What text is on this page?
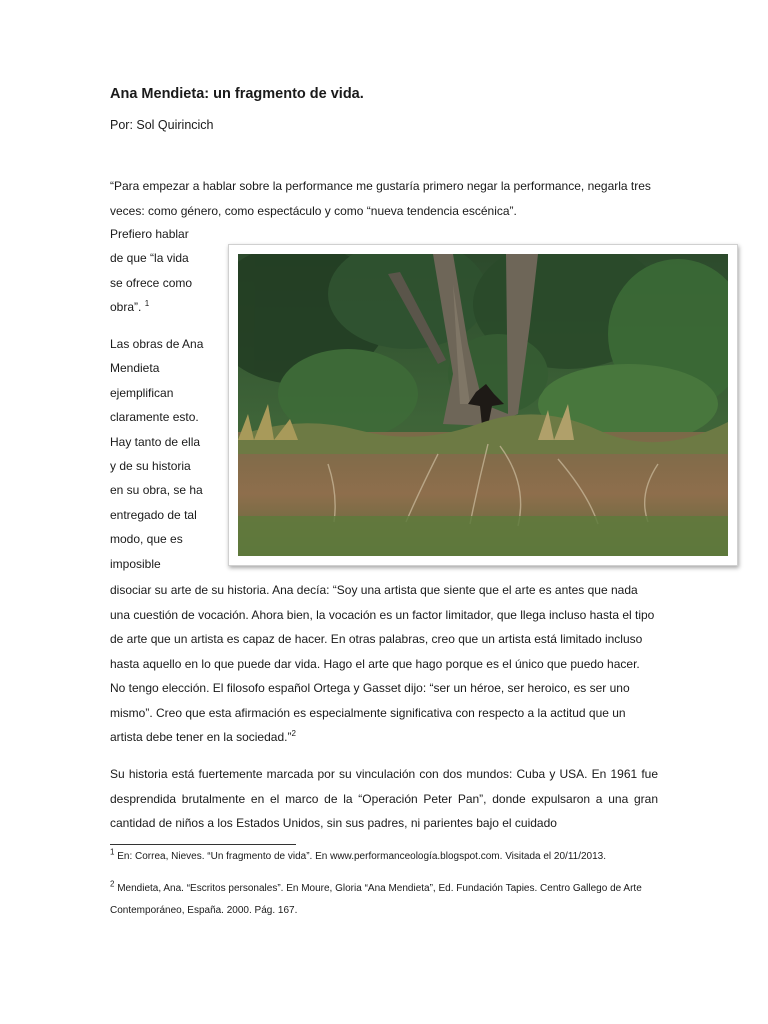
Ana Mendieta: un fragmento de vida.
Por: Sol Quirincich

“Para empezar a hablar sobre la performance me gustaría primero negar la performance, negarla tres veces: como género, como espectáculo y como “nueva tendencia escénica”.

Prefiero hablar
de que “la vida
se ofrece como
obra”. $^1$

Las obras de Ana
Mendieta
ejemplifican
claramente esto.
Hay tanto de ella
y de su historia
en su obra, se ha
entregado de tal
modo, que es
imposible

disociar su arte de su historia. Ana decía: “Soy una artista que siente que el arte es antes que nada una cuestión de vocación. Ahora bien, la vocación es un factor limitador, que llega incluso hasta el tipo de arte que un artista es capaz de hacer. En otras palabras, creo que un artista está limitado incluso hasta aquello en lo que puede dar vida. Hago el arte que hago porque es el único que puedo hacer. No tengo elección. El filosofo español Ortega y Gasset dijo: “ser un héroe, ser heroico, es ser uno mismo”. Creo que esta afirmación es especialmente significativa con respecto a la actitud que un artista debe tener en la sociedad.”$^2$

Su historia está fuertemente marcada por su vinculación con dos mundos: Cuba y USA. En 1961 fue desprendida brutalmente en el marco de la “Operación Peter Pan”, donde expulsaron a una gran cantidad de niños a los Estados Unidos, sin sus padres, ni parientes bajo el cuidado

$^1$ En: Correa, Nieves. “Un fragmento de vida”. En www.performanceología.blogspot.com. Visitada el 20/11/2013.

$^2$ Mendieta, Ana. “Escritos personales”. En Moure, Gloria “Ana Mendieta”, Ed. Fundación Tapies. Centro Gallego de Arte Contemporáneo, España. 2000. Pág. 167.
